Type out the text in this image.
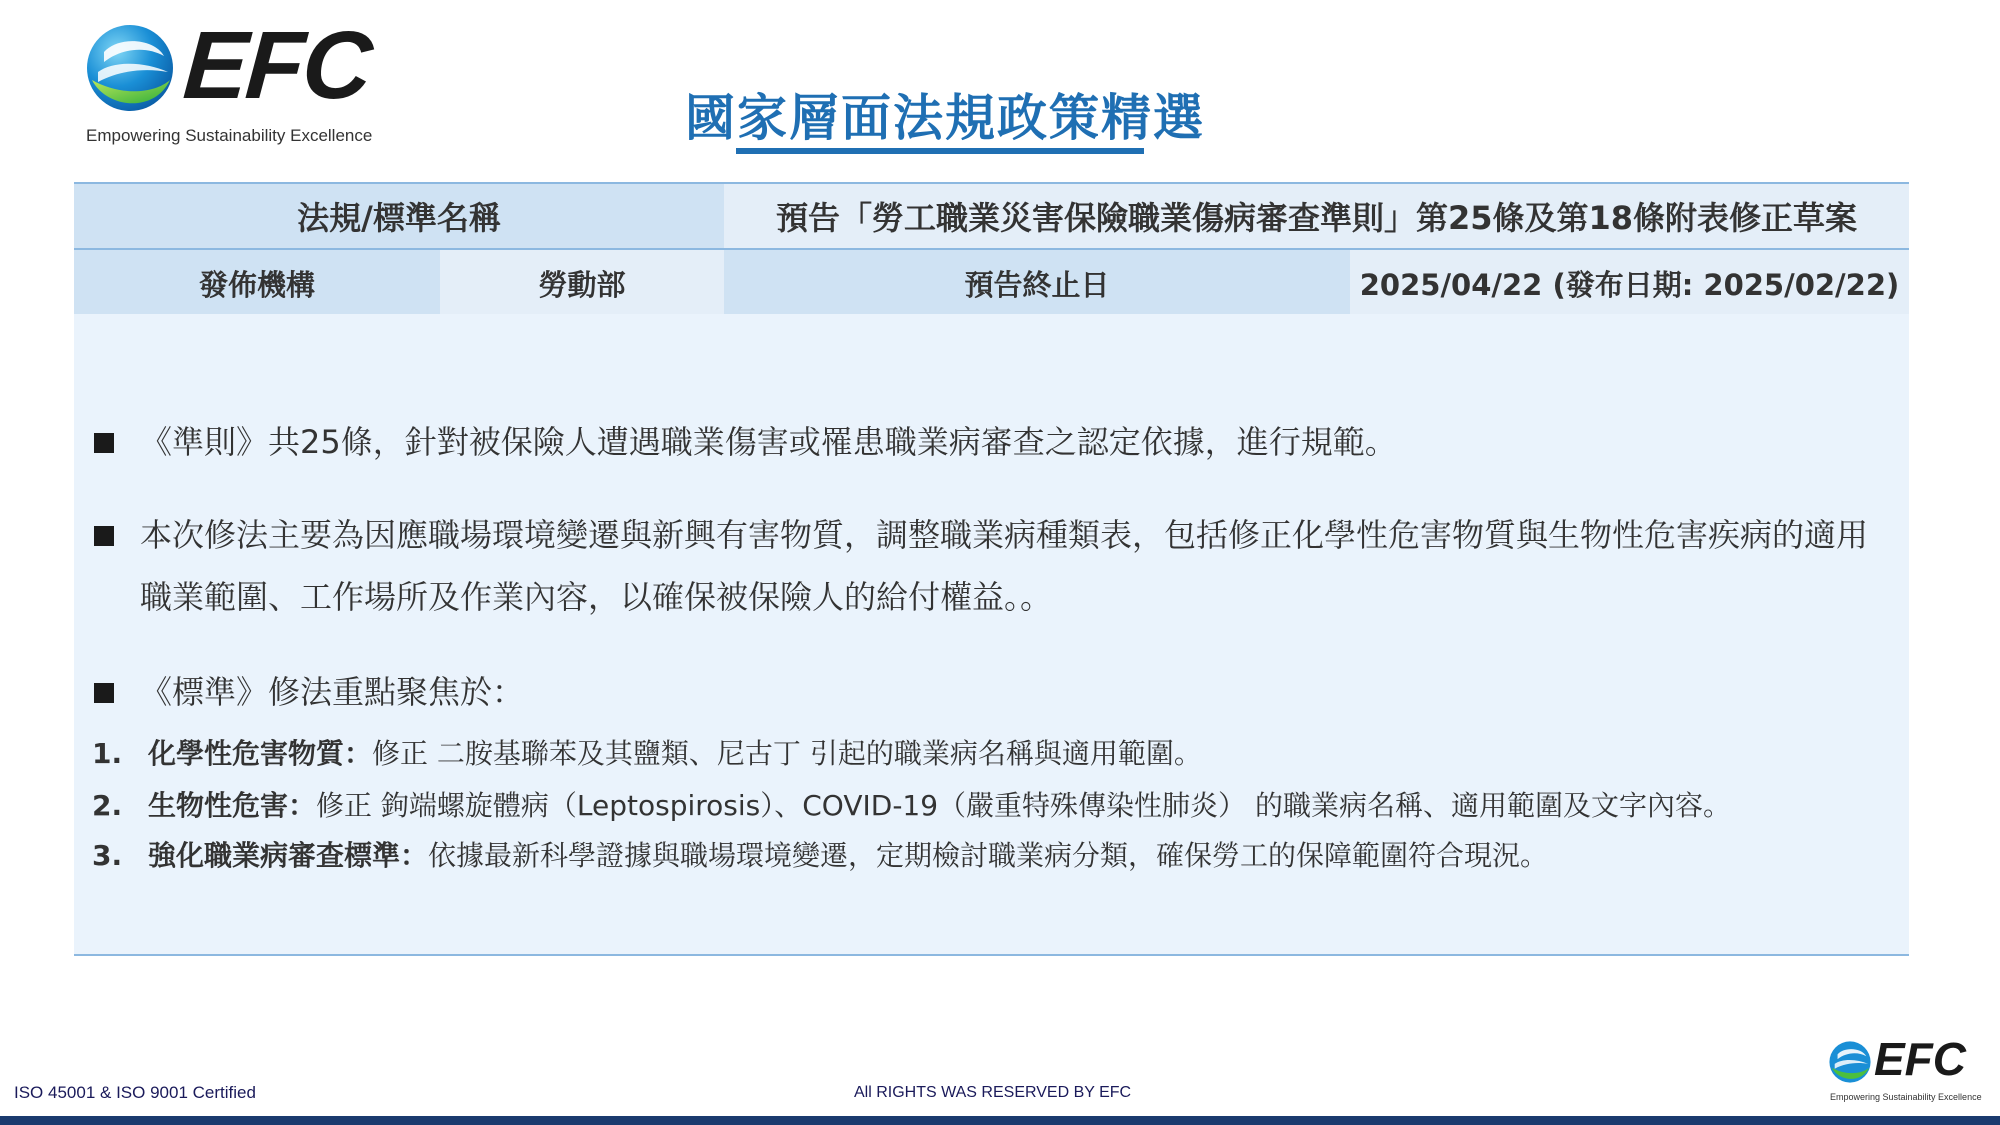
EFC
Empowering Sustainability Excellence	國家層面法規政策精選
法規/標準名稱	預告「勞工職業災害保險職業傷病審查準則」第25條及第18條附表修正草案
發佈機構	勞動部	預告終止日	2025/04/22 (發布日期: 2025/02/22)
《準則》共25條，針對被保險人遭遇職業傷害或罹患職業病審查之認定依據，進行規範。
本次修法主要為因應職場環境變遷與新興有害物質，調整職業病種類表，包括修正化學性危害物質與生物性危害疾病的適用職業範圍、工作場所及作業內容，以確保被保險人的給付權益。。
《標準》修法重點聚焦於：
1. 化學性危害物質： 修正 二胺基聯苯及其鹽類、尼古丁 引起的職業病名稱與適用範圍。
2. 生物性危害： 修正 鉤端螺旋體病（Leptospirosis）、COVID-19（嚴重特殊傳染性肺炎） 的職業病名稱、適用範圍及文字內容。
3. 強化職業病審查標準： 依據最新科學證據與職場環境變遷，定期檢討職業病分類，確保勞工的保障範圍符合現況。
ISO 45001 & ISO 9001 Certified	All RIGHTS WAS RESERVED BY EFC
EFC
Empowering Sustainability Excellence
